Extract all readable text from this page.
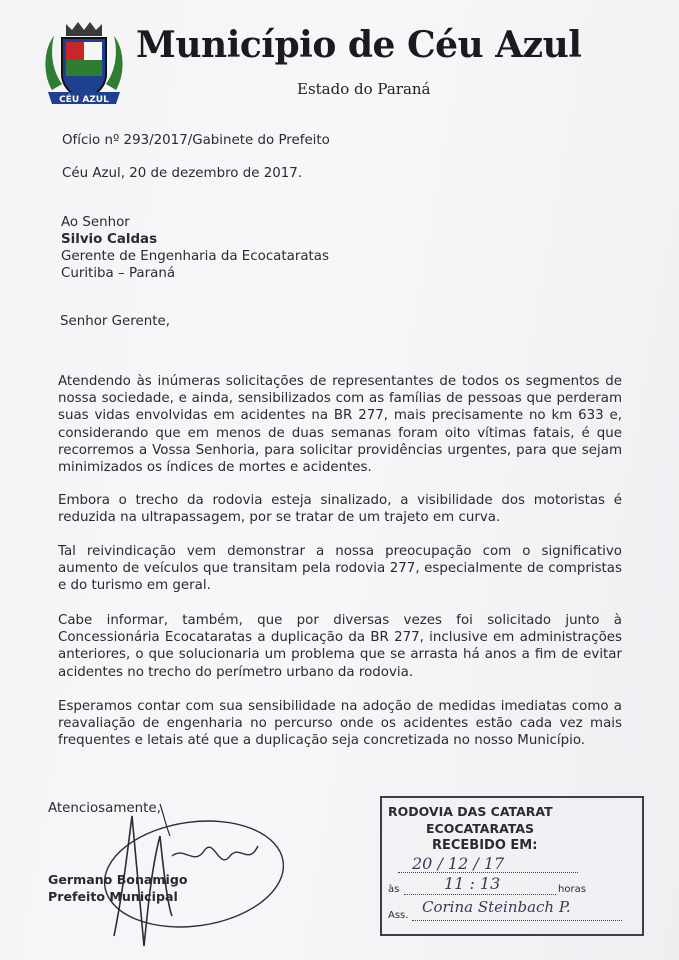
CÉU AZUL
Município de Céu Azul
Estado do Paraná
Ofício nº 293/2017/Gabinete do Prefeito
Céu Azul, 20 de dezembro de 2017.
Ao Senhor
Silvio Caldas
Gerente de Engenharia da Ecocataratas
Curitiba – Paraná
Senhor Gerente,
Atendendo às inúmeras solicitações de representantes de todos os segmentos de nossa sociedade, e ainda, sensibilizados com as famílias de pessoas que perderam suas vidas envolvidas em acidentes na BR 277, mais precisamente no km 633 e, considerando que em menos de duas semanas foram oito vítimas fatais, é que recorremos a Vossa Senhoria, para solicitar providências urgentes, para que sejam minimizados os índices de mortes e acidentes.
Embora o trecho da rodovia esteja sinalizado, a visibilidade dos motoristas é reduzida na ultrapassagem, por se tratar de um trajeto em curva.
Tal reivindicação vem demonstrar a nossa preocupação com o significativo aumento de veículos que transitam pela rodovia 277, especialmente de compristas e do turismo em geral.
Cabe informar, também, que por diversas vezes foi solicitado junto à Concessionária Ecocataratas a duplicação da BR 277, inclusive em administrações anteriores, o que solucionaria um problema que se arrasta há anos a fim de evitar acidentes no trecho do perímetro urbano da rodovia.
Esperamos contar com sua sensibilidade na adoção de medidas imediatas como a reavaliação de engenharia no percurso onde os acidentes estão cada vez mais frequentes e letais até que a duplicação seja concretizada no nosso Município.
Atenciosamente,
Germano Bonamigo
Prefeito Municipal
RODOVIA DAS CATARAT
ECOCATARATAS
RECEBIDO EM:
20 / 12 / 17
às	11 : 13	horas
Ass. Corina Steinbach P.
